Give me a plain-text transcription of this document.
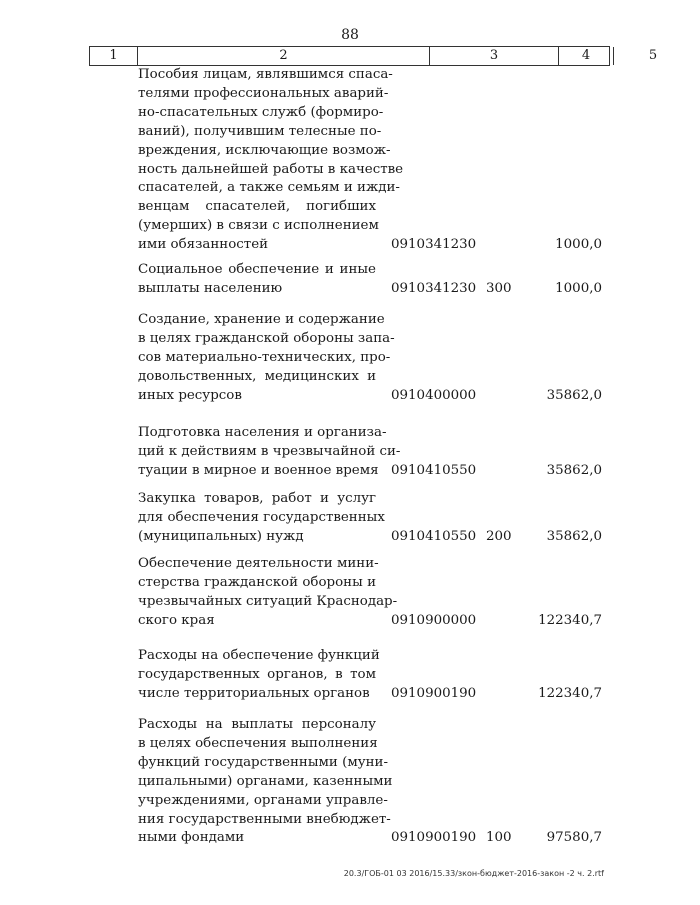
88
1	2	3	4	5
Пособия лицам, являвшимся спаса-
телями профессиональных аварий-
но-спасательных служб (формиро-
ваний), получившим телесные по-
вреждения, исключающие возмож-
ность дальнейшей работы в качестве
спасателей, а также семьям и ижди-
венцам спасателей, погибших
(умерших) в связи с исполнением
ими обязанностей	0910341230	1000,0
Социальное обеспечение и иные
выплаты населению	0910341230 300	1000,0
Создание, хранение и содержание
в целях гражданской обороны запа-
сов материально-технических, про-
довольственных, медицинских и
иных ресурсов	0910400000	35862,0
Подготовка населения и организа-
ций к действиям в чрезвычайной си-
туации в мирное и военное время 0910410550	35862,0
Закупка товаров, работ и услуг
для обеспечения государственных
(муниципальных) нужд	0910410550 200	35862,0
Обеспечение деятельности мини-
стерства гражданской обороны и
чрезвычайных ситуаций Краснодар-
ского края	0910900000	122340,7
Расходы на обеспечение функций
государственных органов, в том
числе территориальных органов	0910900190	122340,7
Расходы на выплаты персоналу
в целях обеспечения выполнения
функций государственными (муни-
ципальными) органами, казенными
учреждениями, органами управле-
ния государственными внебюджет-
ными фондами	0910900190 100	97580,7
20.3/ГОБ-01 03 2016/15.33/зкон-бюджет-2016-закон -2 ч. 2.rtf
